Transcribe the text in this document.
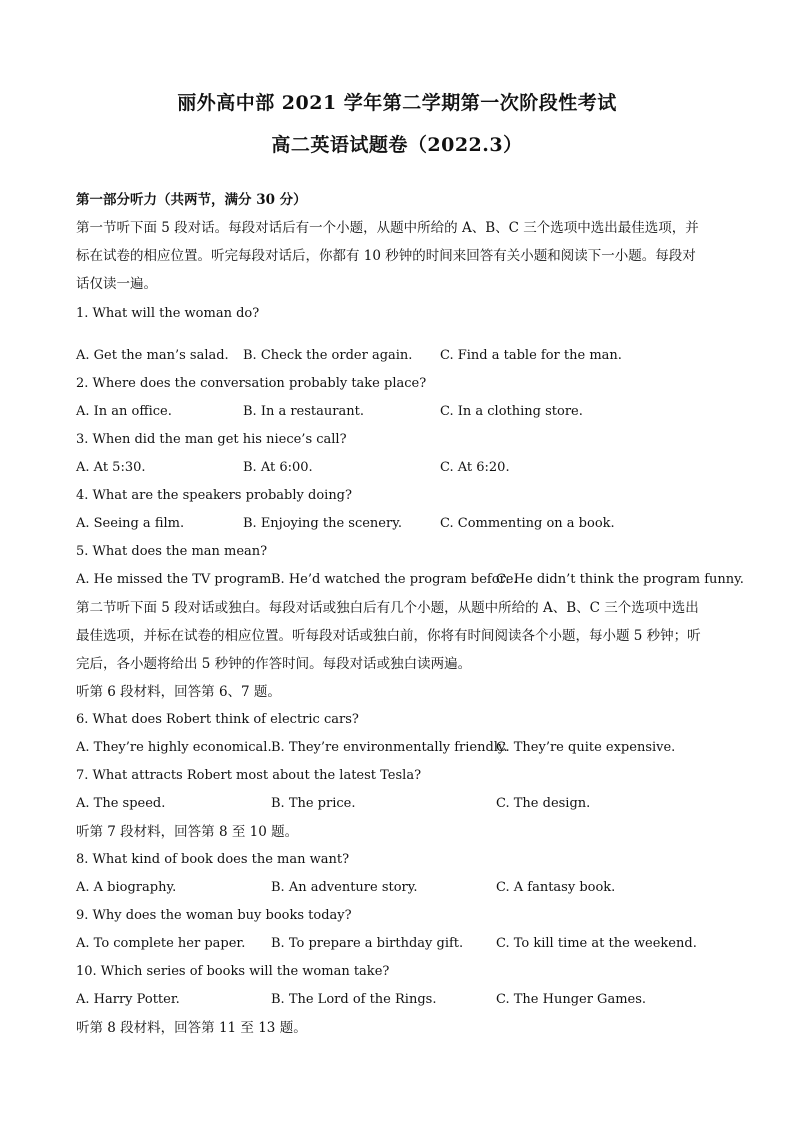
丽外高中部 2021 学年第二学期第一次阶段性考试
高二英语试题卷（2022.3）
第一部分听力（共两节，满分 30 分）
第一节听下面 5 段对话。每段对话后有一个小题，从题中所给的 A、B、C 三个选项中选出最佳选项，并
标在试卷的相应位置。听完每段对话后，你都有 10 秒钟的时间来回答有关小题和阅读下一小题。每段对
话仅读一遍。
1. What will the woman do?
A. Get the man’s salad. B. Check the order again. C. Find a table for the man.
2. Where does the conversation probably take place?
A. In an office.	B. In a restaurant.	C. In a clothing store.
3. When did the man get his niece’s call?
A. At 5:30.	B. At 6:00.	C. At 6:20.
4. What are the speakers probably doing?
A. Seeing a film.	B. Enjoying the scenery.	C. Commenting on a book.
5. What does the man mean?
A. He missed the TV program.
B. He’d watched the program before.
C. He didn’t think the program funny.
第二节听下面 5 段对话或独白。每段对话或独白后有几个小题，从题中所给的 A、B、C 三个选项中选出
最佳选项，并标在试卷的相应位置。听每段对话或独白前，你将有时间阅读各个小题，每小题 5 秒钟；听
完后，各小题将给出 5 秒钟的作答时间。每段对话或独白读两遍。
听第 6 段材料，回答第 6、7 题。
6. What does Robert think of electric cars?
A. They’re highly economical. B. They’re environmentally friendly.
C. They’re quite expensive.
7. What attracts Robert most about the latest Tesla?
A. The speed.	B. The price.	C. The design.
听第 7 段材料，回答第 8 至 10 题。
8. What kind of book does the man want?
A. A biography.	B. An adventure story.	C. A fantasy book.
9. Why does the woman buy books today?
A. To complete her paper. B. To prepare a birthday gift.	C. To kill time at the weekend.
10. Which series of books will the woman take?
A. Harry Potter.	B. The Lord of the Rings.	C. The Hunger Games.
听第 8 段材料，回答第 11 至 13 题。
